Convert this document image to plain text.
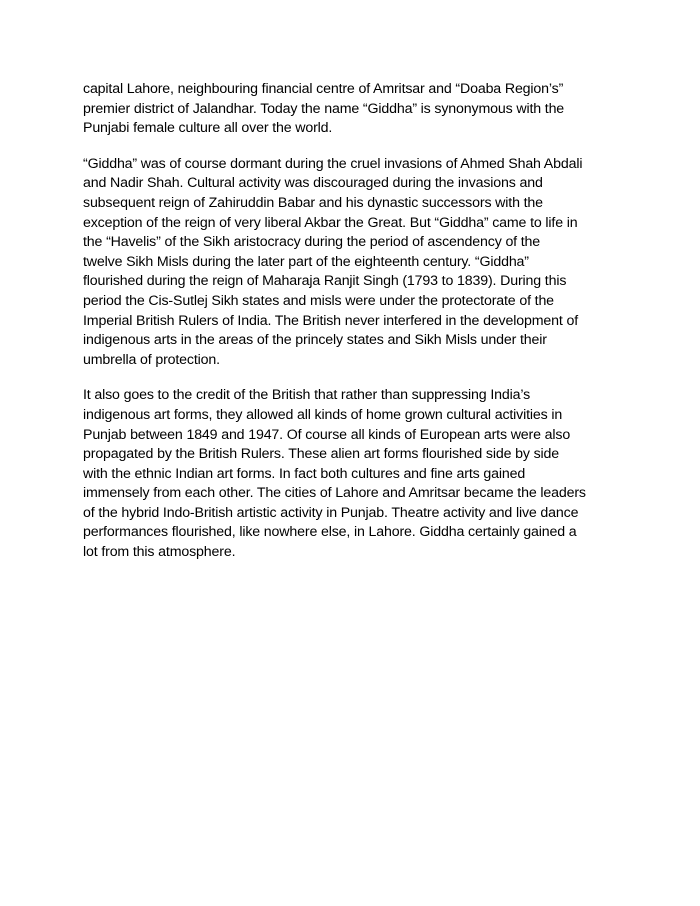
capital Lahore, neighbouring financial centre of Amritsar and “Doaba Region’s”
premier district of Jalandhar. Today the name “Giddha” is synonymous with the
Punjabi female culture all over the world.

“Giddha” was of course dormant during the cruel invasions of Ahmed Shah Abdali
and Nadir Shah. Cultural activity was discouraged during the invasions and
subsequent reign of Zahiruddin Babar and his dynastic successors with the
exception of the reign of very liberal Akbar the Great. But “Giddha” came to life in
the “Havelis” of the Sikh aristocracy during the period of ascendency of the
twelve Sikh Misls during the later part of the eighteenth century. “Giddha”
flourished during the reign of Maharaja Ranjit Singh (1793 to 1839). During this
period the Cis-Sutlej Sikh states and misls were under the protectorate of the
Imperial British Rulers of India. The British never interfered in the development of
indigenous arts in the areas of the princely states and Sikh Misls under their
umbrella of protection.

It also goes to the credit of the British that rather than suppressing India’s
indigenous art forms, they allowed all kinds of home grown cultural activities in
Punjab between 1849 and 1947. Of course all kinds of European arts were also
propagated by the British Rulers. These alien art forms flourished side by side
with the ethnic Indian art forms. In fact both cultures and fine arts gained
immensely from each other. The cities of Lahore and Amritsar became the leaders
of the hybrid Indo-British artistic activity in Punjab. Theatre activity and live dance
performances flourished, like nowhere else, in Lahore. Giddha certainly gained a
lot from this atmosphere.
